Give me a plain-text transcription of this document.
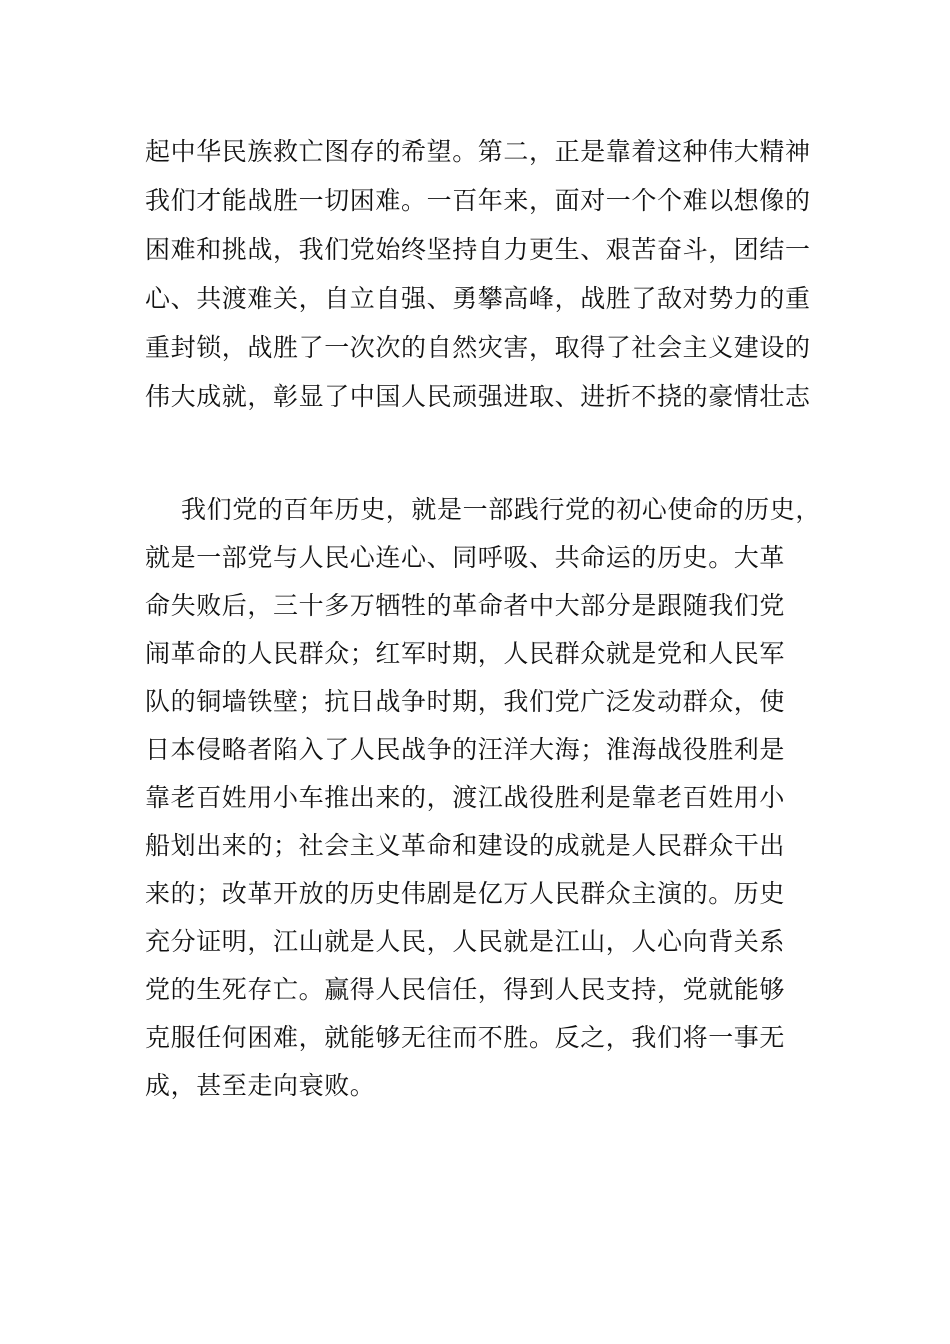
起中华民族救亡图存的希望。第二，正是靠着这种伟大精神
我们才能战胜一切困难。一百年来，面对一个个难以想像的
困难和挑战，我们党始终坚持自力更生、艰苦奋斗，团结一
心、共渡难关，自立自强、勇攀高峰，战胜了敌对势力的重
重封锁，战胜了一次次的自然灾害，取得了社会主义建设的
伟大成就，彰显了中国人民顽强进取、进折不挠的豪情壮志
我们党的百年历史，就是一部践行党的初心使命的历史，
就是一部党与人民心连心、同呼吸、共命运的历史。大革
命失败后，三十多万牺牲的革命者中大部分是跟随我们党
闹革命的人民群众；红军时期，人民群众就是党和人民军
队的铜墙铁壁；抗日战争时期，我们党广泛发动群众，使
日本侵略者陷入了人民战争的汪洋大海；淮海战役胜利是
靠老百姓用小车推出来的，渡江战役胜利是靠老百姓用小
船划出来的；社会主义革命和建设的成就是人民群众干出
来的；改革开放的历史伟剧是亿万人民群众主演的。历史
充分证明，江山就是人民，人民就是江山，人心向背关系
党的生死存亡。赢得人民信任，得到人民支持，党就能够
克服任何困难，就能够无往而不胜。反之，我们将一事无
成，甚至走向衰败。
